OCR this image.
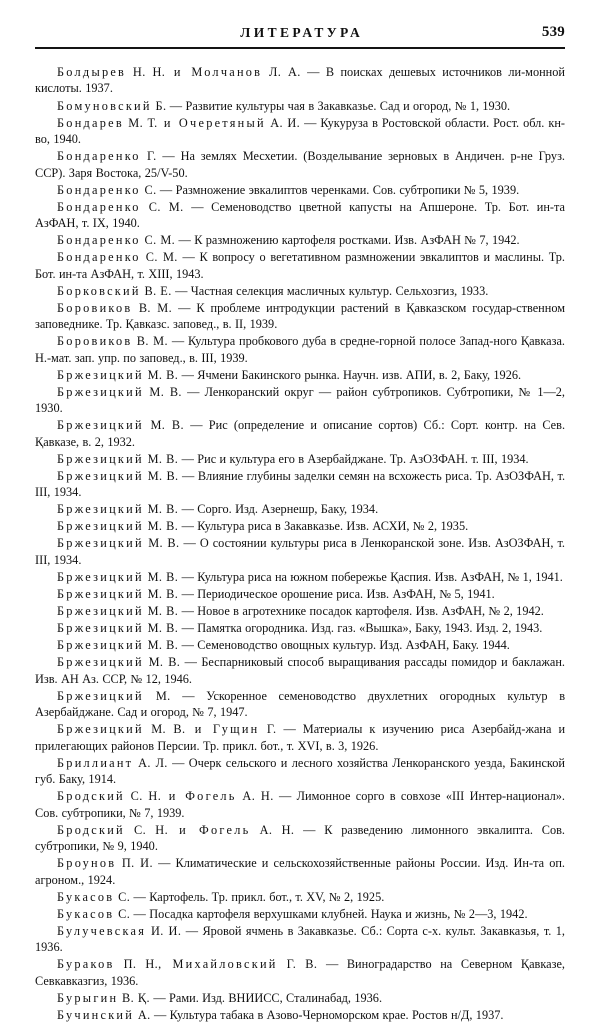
ЛИТЕРАТУРА	539

Болдырев Н. Н. и Молчанов Л. А. — В поисках дешевых источников ли-монной кислоты. 1937.

Бомуновский Б. — Развитие культуры чая в Закавказье. Сад и огород, № 1, 1930.

Бондарев М. Т. и Очеретяный А. И. — Кукуруза в Ростовской области. Рост. обл. кн-во, 1940.

Бондаренко Г. — На землях Месхетии. (Возделывание зерновых в Андичен. р-не Груз. ССР). Заря Востока, 25/V-50.

Бондаренко С. — Размножение эвкалиптов черенками. Сов. субтропики № 5, 1939.

Бондаренко С. М. — Семеноводство цветной капусты на Апшероне. Тр. Бот. ин-та АзФАН, т. IX, 1940.

Бондаренко С. М. — К размножению картофеля ростками. Изв. АзФАН № 7, 1942.

Бондаренко С. М. — К вопросу о вегетативном размножении эвкалиптов и маслины. Тр. Бот. ин-та АзФАН, т. XIII, 1943.

Борковский В. Е. — Частная селекция масличных культур. Сельхозгиз, 1933.

Боровиков В. М. — К проблеме интродукции растений в Қавказском государ-ственном заповеднике. Тр. Қавказс. заповед., в. II, 1939.

Боровиков В. М. — Культура пробкового дуба в средне-горной полосе Запад-ного Қавказа. Н.-мат. зап. упр. по заповед., в. III, 1939.

Бржезицкий М. В. — Ячмени Бакинского рынка. Научн. изв. АПИ, в. 2, Баку, 1926.

Бржезицкий М. В. — Ленкоранский округ — район субтропиков. Субтропики, № 1—2, 1930.

Бржезицкий М. В. — Рис (определение и описание сортов) Сб.: Сорт. контр. на Сев. Қавказе, в. 2, 1932.

Бржезицкий М. В. — Рис и культура его в Азербайджане. Тр. АзОЗФАН. т. III, 1934.

Бржезицкий М. В. — Влияние глубины заделки семян на всхожесть риса. Тр. АзОЗФАН, т. III, 1934.

Бржезицкий М. В. — Сорго. Изд. Азернешр, Баку, 1934.

Бржезицкий М. В. — Культура риса в Закавказье. Изв. АСХИ, № 2, 1935.

Бржезицкий М. В. — О состоянии культуры риса в Ленкоранской зоне. Изв. АзОЗФАН, т. III, 1934.

Бржезицкий М. В. — Культура риса на южном побережье Қаспия. Изв. АзФАН, № 1, 1941.

Бржезицкий М. В. — Периодическое орошение риса. Изв. АзФАН, № 5, 1941.

Бржезицкий М. В. — Новое в агротехнике посадок картофеля. Изв. АзФАН, № 2, 1942.

Бржезицкий М. В. — Памятка огородника. Изд. газ. «Вышка», Баку, 1943. Изд. 2, 1943.

Бржезицкий М. В. — Семеноводство овощных культур. Изд. АзФАН, Баку. 1944.

Бржезицкий М. В. — Беспарниковый способ выращивания рассады помидор и баклажан. Изв. АН Аз. ССР, № 12, 1946.

Бржезицкий М. — Ускоренное семеноводство двухлетних огородных культур в Азербайджане. Сад и огород, № 7, 1947.

Бржезицкий М. В. и Гущин Г. — Материалы к изучению риса Азербайд-жана и прилегающих районов Персии. Тр. прикл. бот., т. XVI, в. 3, 1926.

Бриллиант А. Л. — Очерк сельского и лесного хозяйства Ленкоранского уезда, Бакинской губ. Баку, 1914.

Бродский С. Н. и Фогель А. Н. — Лимонное сорго в совхозе «III Интер-национал». Сов. субтропики, № 7, 1939.

Бродский С. Н. и Фогель А. Н. — К разведению лимонного эвкалипта. Сов. субтропики, № 9, 1940.

Броунов П. И. — Климатические и сельскохозяйственные районы России. Изд. Ин-та оп. агроном., 1924.

Букасов С. — Картофель. Тр. прикл. бот., т. XV, № 2, 1925.

Букасов С. — Посадка картофеля верхушками клубней. Наука и жизнь, № 2—3, 1942.

Булучевская И. И. — Яровой ячмень в Закавказье. Сб.: Сорта с-х. культ. Закавказья, т. 1, 1936.

Бураков П. Н., Михайловский Г. В. — Виноградарство на Северном Қавказе, Севкавказгиз, 1936.

Бурыгин В. Қ. — Рами. Изд. ВНИИСС, Сталинабад, 1936.

Бучинский А. — Культура табака в Азово-Черноморском крае. Ростов н/Д, 1937.
